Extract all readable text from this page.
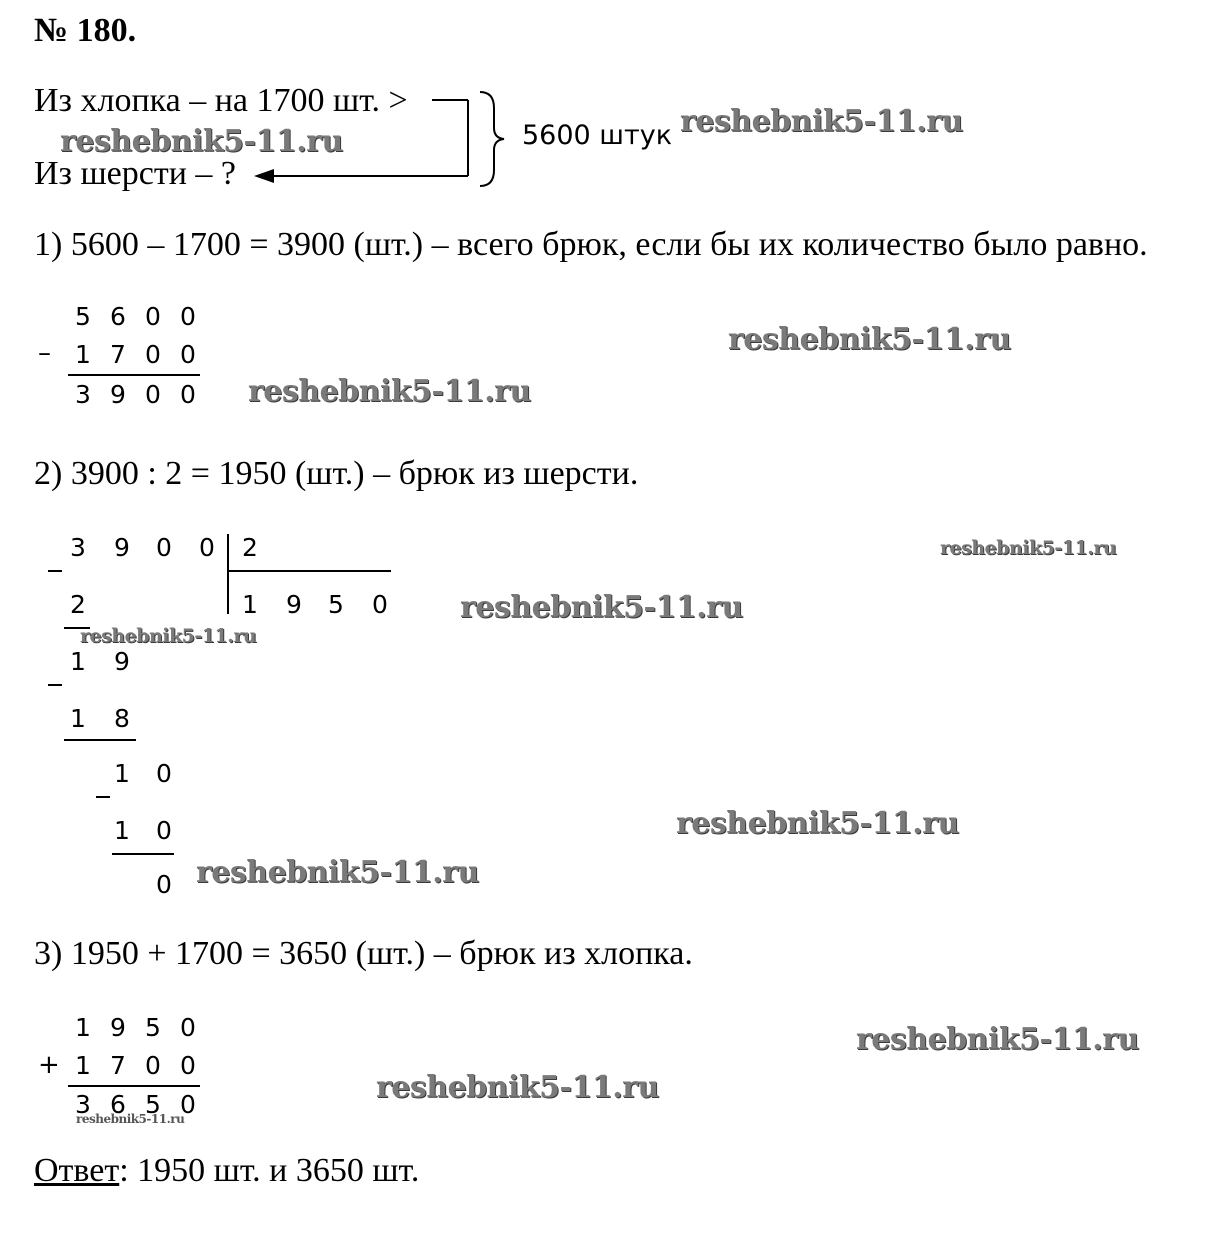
№ 180.
Из хлопка – на 1700 шт. >
Из шерсти – ?
5600 штук
1) 5600 – 1700 = 3900 (шт.) – всего брюк, если бы их количество было равно.
5 6 0 0
– 1 7 0 0
3 9 0 0
2) 3900 : 2 = 1950 (шт.) – брюк из шерсти.
3 9 0 0 2
1 9 5 0
2
1 9
1 8
1 0
1 0
0
3) 1950 + 1700 = 3650 (шт.) – брюк из хлопка.
1 9 5 0
+ 1 7 0 0
3 6 5 0
Ответ: 1950 шт. и 3650 шт.
reshebnik5-11.ru
reshebnik5-11.ru
reshebnik5-11.ru
reshebnik5-11.ru
reshebnik5-11.ru
reshebnik5-11.ru
reshebnik5-11.ru
reshebnik5-11.ru
reshebnik5-11.ru
reshebnik5-11.ru
reshebnik5-11.ru
reshebnik5-11.ru
